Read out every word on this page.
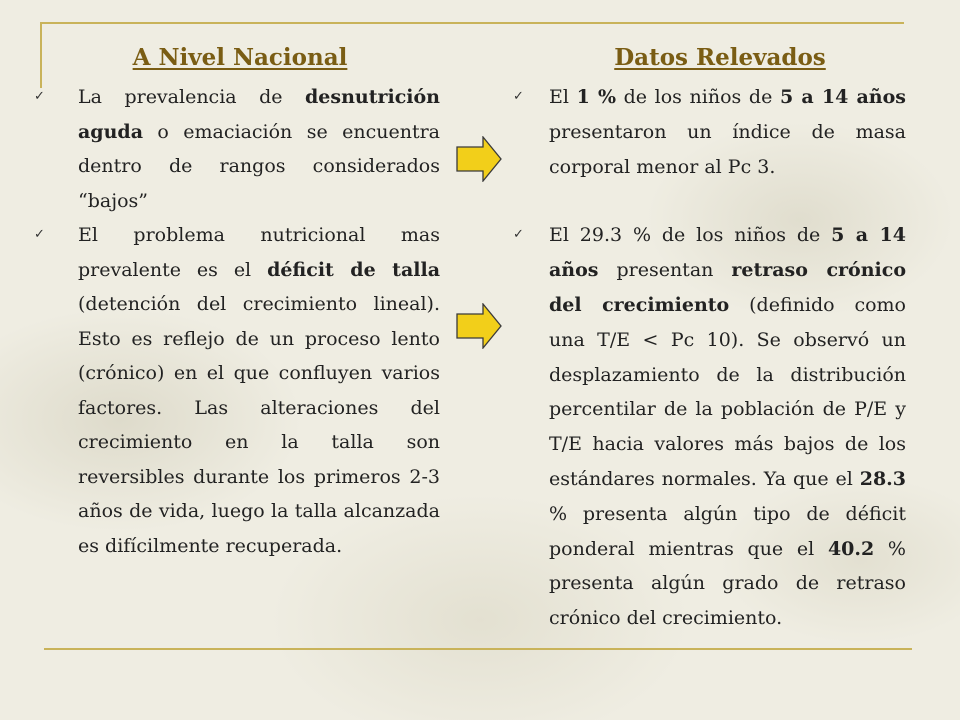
A Nivel Nacional	Datos Relevados
✓ La prevalencia de desnutrición aguda o emaciación se encuentra dentro de rangos considerados “bajos”
✓ El problema nutricional mas prevalente es el déficit de talla (detención del crecimiento lineal). Esto es reflejo de un proceso lento (crónico) en el que confluyen varios factores. Las alteraciones del crecimiento en la talla son reversibles durante los primeros 2-3 años de vida, luego la talla alcanzada es difícilmente recuperada.
✓ El 1 % de los niños de 5 a 14 años presentaron un índice de masa corporal menor al Pc 3.
✓ El 29.3 % de los niños de 5 a 14 años presentan retraso crónico del crecimiento (definido como una T/E < Pc 10). Se observó un desplazamiento de la distribución percentilar de la población de P/E y T/E hacia valores más bajos de los estándares normales. Ya que el 28.3 % presenta algún tipo de déficit ponderal mientras que el 40.2 % presenta algún grado de retraso crónico del crecimiento.
